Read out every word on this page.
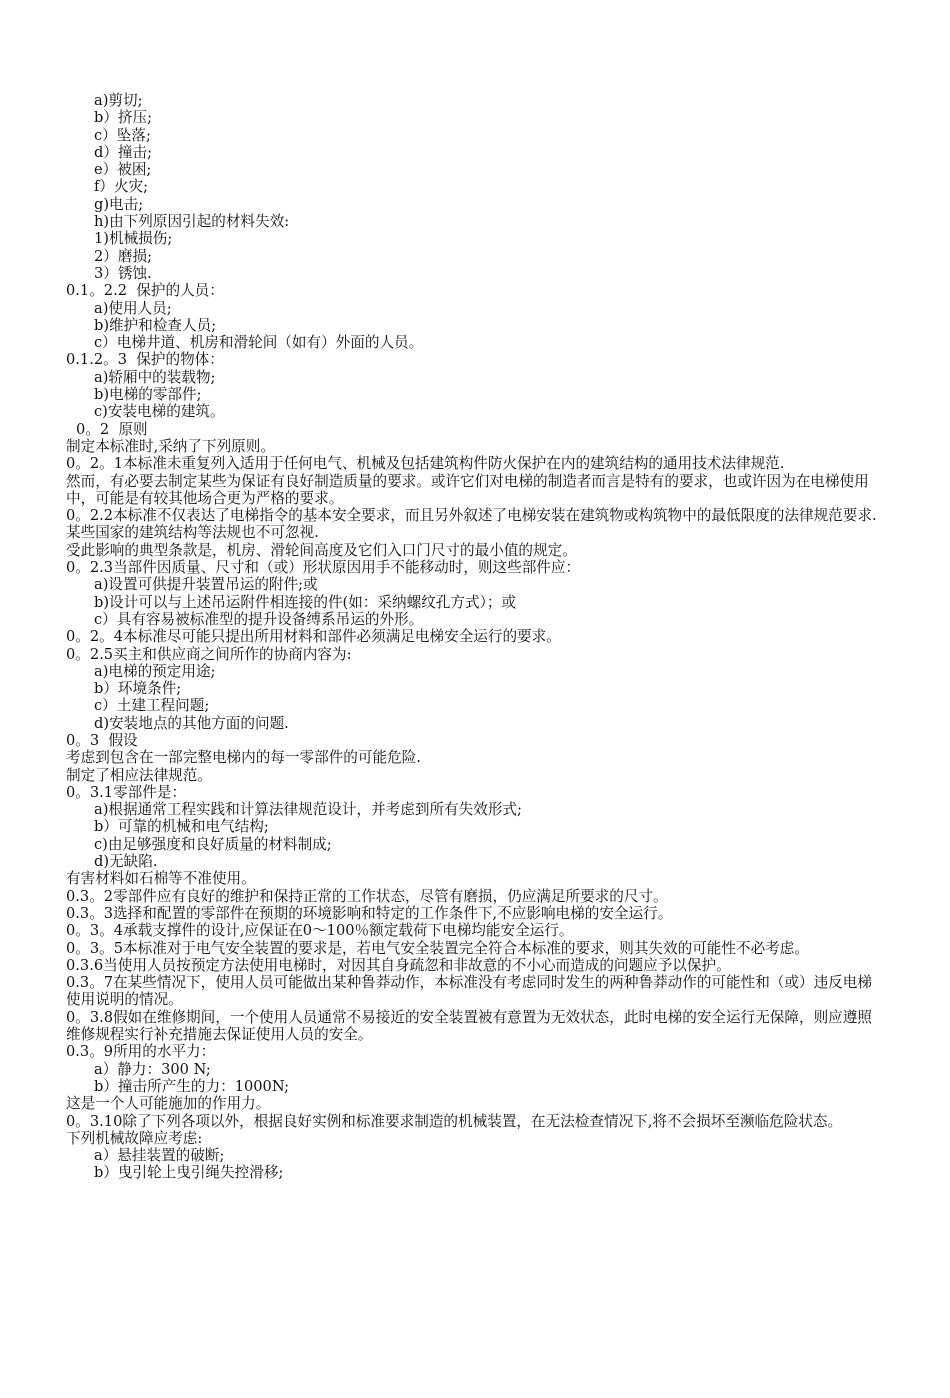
a)剪切;

b）挤压;

c）坠落;

d）撞击;

e）被困;

f）火灾;

g)电击;

h)由下列原因引起的材料失效:

1)机械损伤;

2）磨损;

3）锈蚀.

0.1。2.2  保护的人员：

a)使用人员;

b)维护和检查人员;

c）电梯井道、机房和滑轮间（如有）外面的人员。

0.1.2。3  保护的物体：

a)轿厢中的装载物;

b)电梯的零部件;

c)安装电梯的建筑。

0。2  原则

制定本标准时,采纳了下列原则。

0。2。1本标准未重复列入适用于任何电气、机械及包括建筑构件防火保护在内的建筑结构的通用技术法律规范.

然而，有必要去制定某些为保证有良好制造质量的要求。或许它们对电梯的制造者而言是特有的要求，也或许因为在电梯使用中，可能是有较其他场合更为严格的要求。

0。2.2本标准不仅表达了电梯指令的基本安全要求，而且另外叙述了电梯安装在建筑物或构筑物中的最低限度的法律规范要求.某些国家的建筑结构等法规也不可忽视.

受此影响的典型条款是，机房、滑轮间高度及它们入口门尺寸的最小值的规定。

0。2.3当部件因质量、尺寸和（或）形状原因用手不能移动时，则这些部件应：

a)设置可供提升装置吊运的附件;或

b)设计可以与上述吊运附件相连接的件(如：采纳螺纹孔方式）；或

c）具有容易被标准型的提升设备缚系吊运的外形。

0。2。4本标准尽可能只提出所用材料和部件必须满足电梯安全运行的要求。

0。2.5买主和供应商之间所作的协商内容为:

a)电梯的预定用途;

b）环境条件;

c）土建工程问题;

d)安装地点的其他方面的问题.

0。3  假设

考虑到包含在一部完整电梯内的每一零部件的可能危险.

制定了相应法律规范。

0。3.1零部件是：

a)根据通常工程实践和计算法律规范设计，并考虑到所有失效形式;

b）可靠的机械和电气结构;

c)由足够强度和良好质量的材料制成;

d)无缺陷.

有害材料如石棉等不准使用。

0.3。2零部件应有良好的维护和保持正常的工作状态，尽管有磨损，仍应满足所要求的尺寸。

0.3。3选择和配置的零部件在预期的环境影响和特定的工作条件下,不应影响电梯的安全运行。

0。3。4承载支撑件的设计,应保证在0～100％额定载荷下电梯均能安全运行。

0。3。5本标准对于电气安全装置的要求是，若电气安全装置完全符合本标准的要求，则其失效的可能性不必考虑。

0.3.6当使用人员按预定方法使用电梯时，对因其自身疏忽和非故意的不小心而造成的问题应予以保护。

0.3。7在某些情况下，使用人员可能做出某种鲁莽动作，本标准没有考虑同时发生的两种鲁莽动作的可能性和（或）违反电梯使用说明的情况。

0。3.8假如在维修期间，一个使用人员通常不易接近的安全装置被有意置为无效状态，此时电梯的安全运行无保障，则应遵照维修规程实行补充措施去保证使用人员的安全。

0.3。9所用的水平力：

a）静力：300 N;

b）撞击所产生的力：1000N;

这是一个人可能施加的作用力。

0。3.10除了下列各项以外，根据良好实例和标准要求制造的机械装置，在无法检查情况下,将不会损坏至濒临危险状态。

下列机械故障应考虑:

a）悬挂装置的破断;

b）曳引轮上曳引绳失控滑移;
